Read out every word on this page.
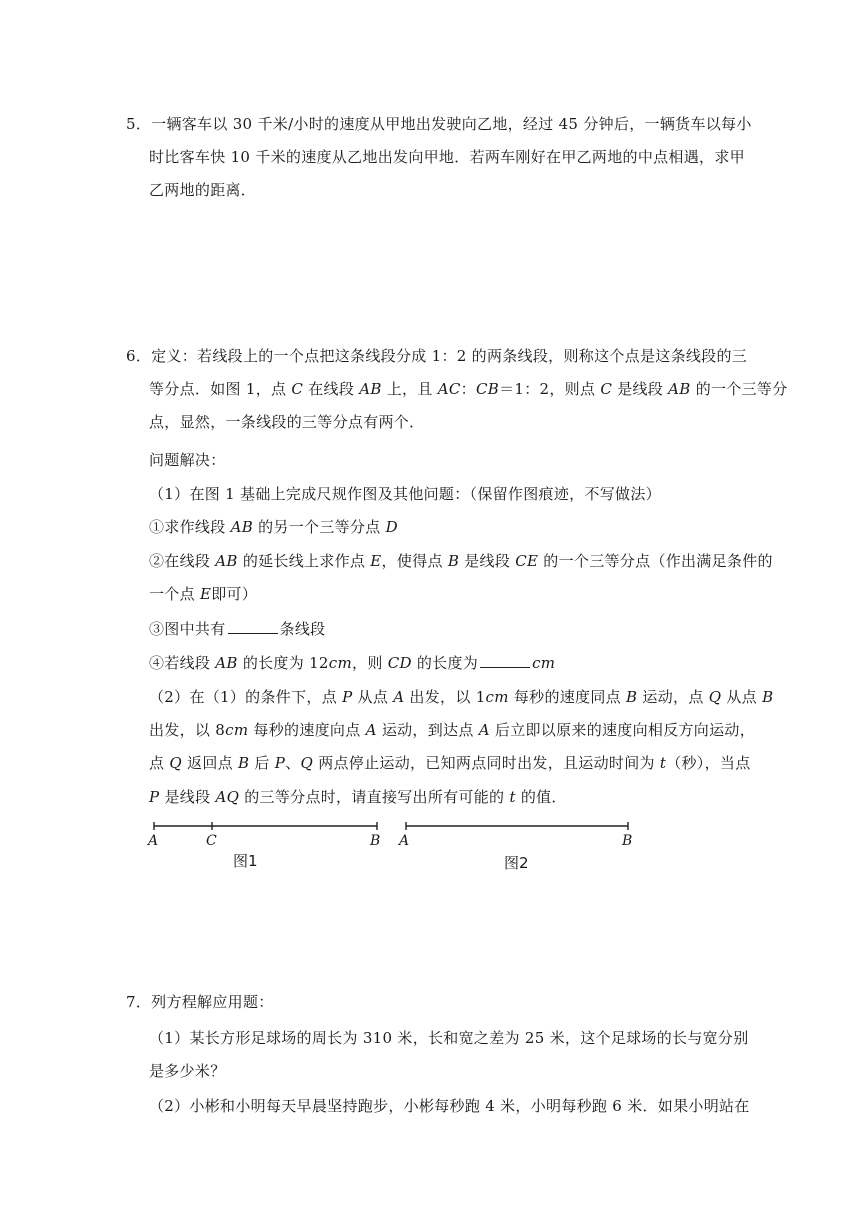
5．一辆客车以 30 千米/小时的速度从甲地出发驶向乙地，经过 45 分钟后，一辆货车以每小
时比客车快 10 千米的速度从乙地出发向甲地．若两车刚好在甲乙两地的中点相遇，求甲
乙两地的距离．
6．定义：若线段上的一个点把这条线段分成 1：2 的两条线段，则称这个点是这条线段的三
等分点．如图 1，点 C 在线段 AB 上，且 AC：CB＝1：2，则点 C 是线段 AB 的一个三等分
点，显然，一条线段的三等分点有两个．
问题解决：
（1）在图 1 基础上完成尺规作图及其他问题：（保留作图痕迹，不写做法）
①求作线段 AB 的另一个三等分点 D
②在线段 AB 的延长线上求作点 E，使得点 B 是线段 CE 的一个三等分点（作出满足条件的
一个点 E即可）
③图中共有	条线段
④若线段 AB 的长度为 12cm，则 CD 的长度为	cm
（2）在（1）的条件下，点 P 从点 A 出发，以 1cm 每秒的速度同点 B 运动，点 Q 从点 B
出发，以 8cm 每秒的速度向点 A 运动，到达点 A 后立即以原来的速度向相反方向运动，
点 Q 返回点 B 后 P、Q 两点停止运动，已知两点同时出发，且运动时间为 t（秒），当点
P 是线段 AQ 的三等分点时，请直接写出所有可能的 t 的值．
A	C	B
图1
A	B
图2
7．列方程解应用题：
（1）某长方形足球场的周长为 310 米，长和宽之差为 25 米，这个足球场的长与宽分别
是多少米？
（2）小彬和小明每天早晨坚持跑步，小彬每秒跑 4 米，小明每秒跑 6 米．如果小明站在
